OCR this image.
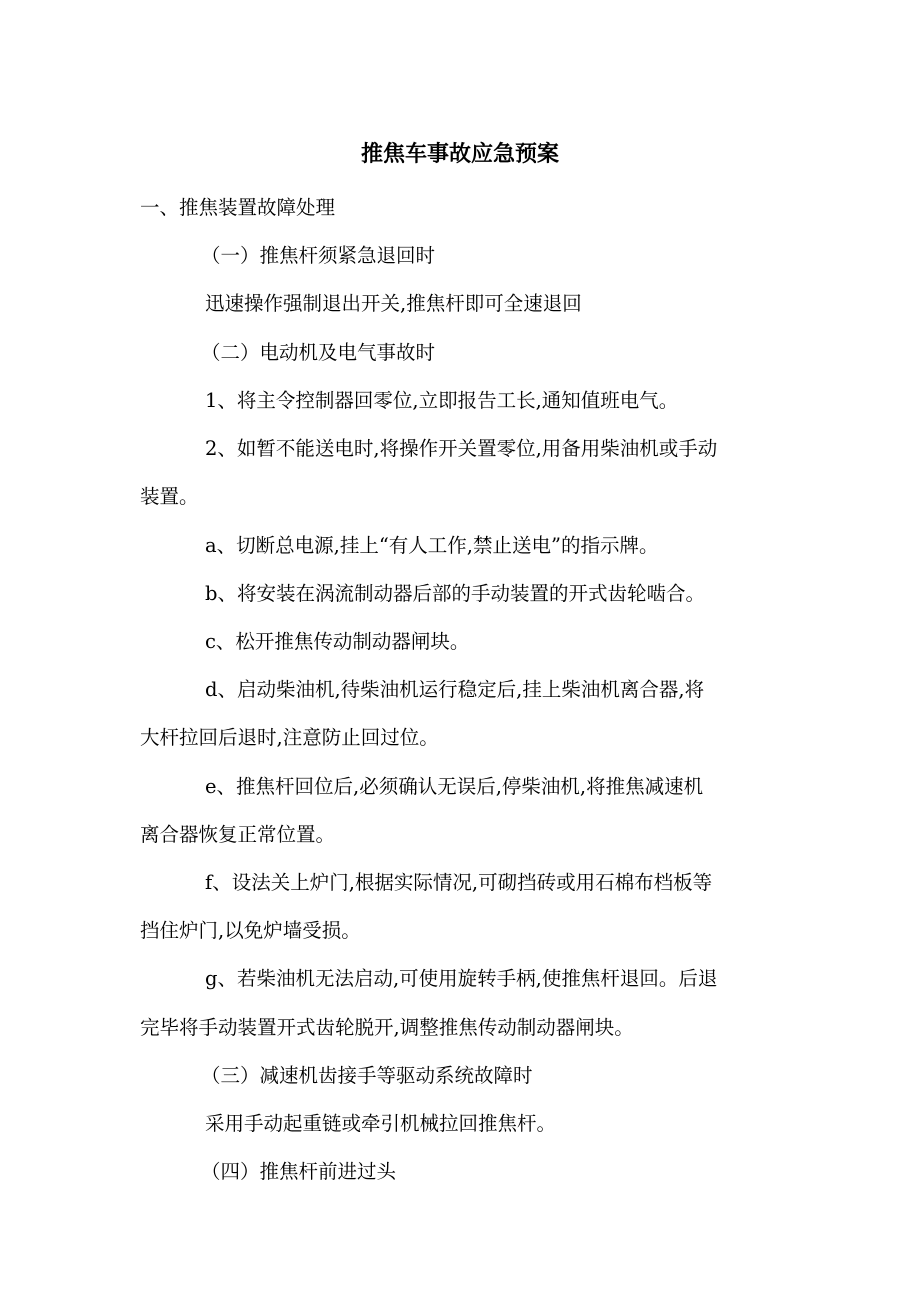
推焦车事故应急预案
一、推焦装置故障处理
（一）推焦杆须紧急退回时
迅速操作强制退出开关,推焦杆即可全速退回
（二）电动机及电气事故时
1、将主令控制器回零位,立即报告工长,通知值班电气。
2、如暂不能送电时,将操作开关置零位,用备用柴油机或手动
装置。
a、切断总电源,挂上“有人工作,禁止送电”的指示牌。
b、将安装在涡流制动器后部的手动装置的开式齿轮啮合。
c、松开推焦传动制动器闸块。
d、启动柴油机,待柴油机运行稳定后,挂上柴油机离合器,将
大杆拉回后退时,注意防止回过位。
e、推焦杆回位后,必须确认无误后,停柴油机,将推焦减速机
离合器恢复正常位置。
f、设法关上炉门,根据实际情况,可砌挡砖或用石棉布档板等
挡住炉门,以免炉墙受损。
g、若柴油机无法启动,可使用旋转手柄,使推焦杆退回。后退
完毕将手动装置开式齿轮脱开,调整推焦传动制动器闸块。
（三）减速机齿接手等驱动系统故障时
采用手动起重链或牵引机械拉回推焦杆。
（四）推焦杆前进过头
